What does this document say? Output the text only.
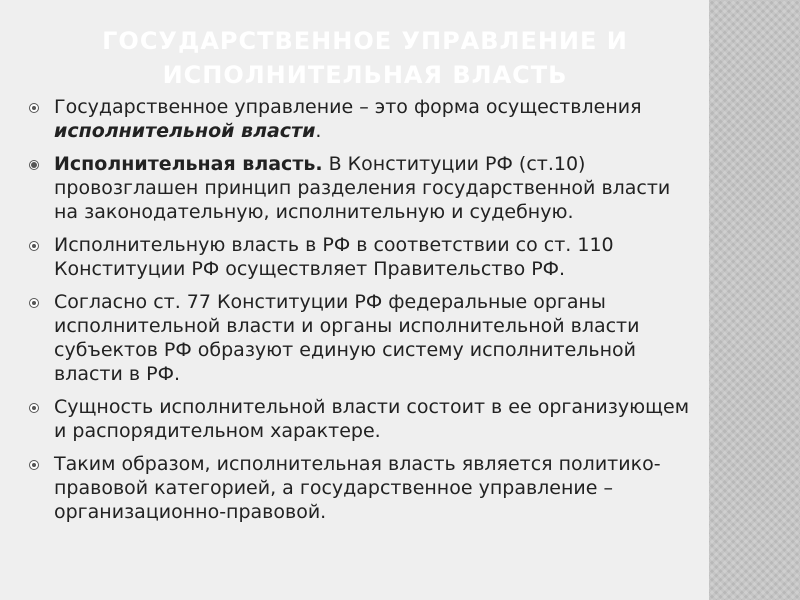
ГОСУДАРСТВЕННОЕ УПРАВЛЕНИЕ И ИСПОЛНИТЕЛЬНАЯ ВЛАСТЬ
Государственное управление – это форма осуществления исполнительной власти.
Исполнительная власть. В Конституции РФ (ст.10) провозглашен принцип разделения государственной власти на законодательную, исполнительную и судебную.
Исполнительную власть в РФ в соответствии со ст. 110 Конституции РФ осуществляет Правительство РФ.
Согласно ст. 77 Конституции РФ федеральные органы исполнительной власти и органы исполнительной власти субъектов РФ образуют единую систему исполнительной власти в РФ.
Сущность исполнительной власти состоит в ее организующем и распорядительном характере.
Таким образом, исполнительная власть является политико-правовой категорией, а государственное управление – организационно-правовой.
